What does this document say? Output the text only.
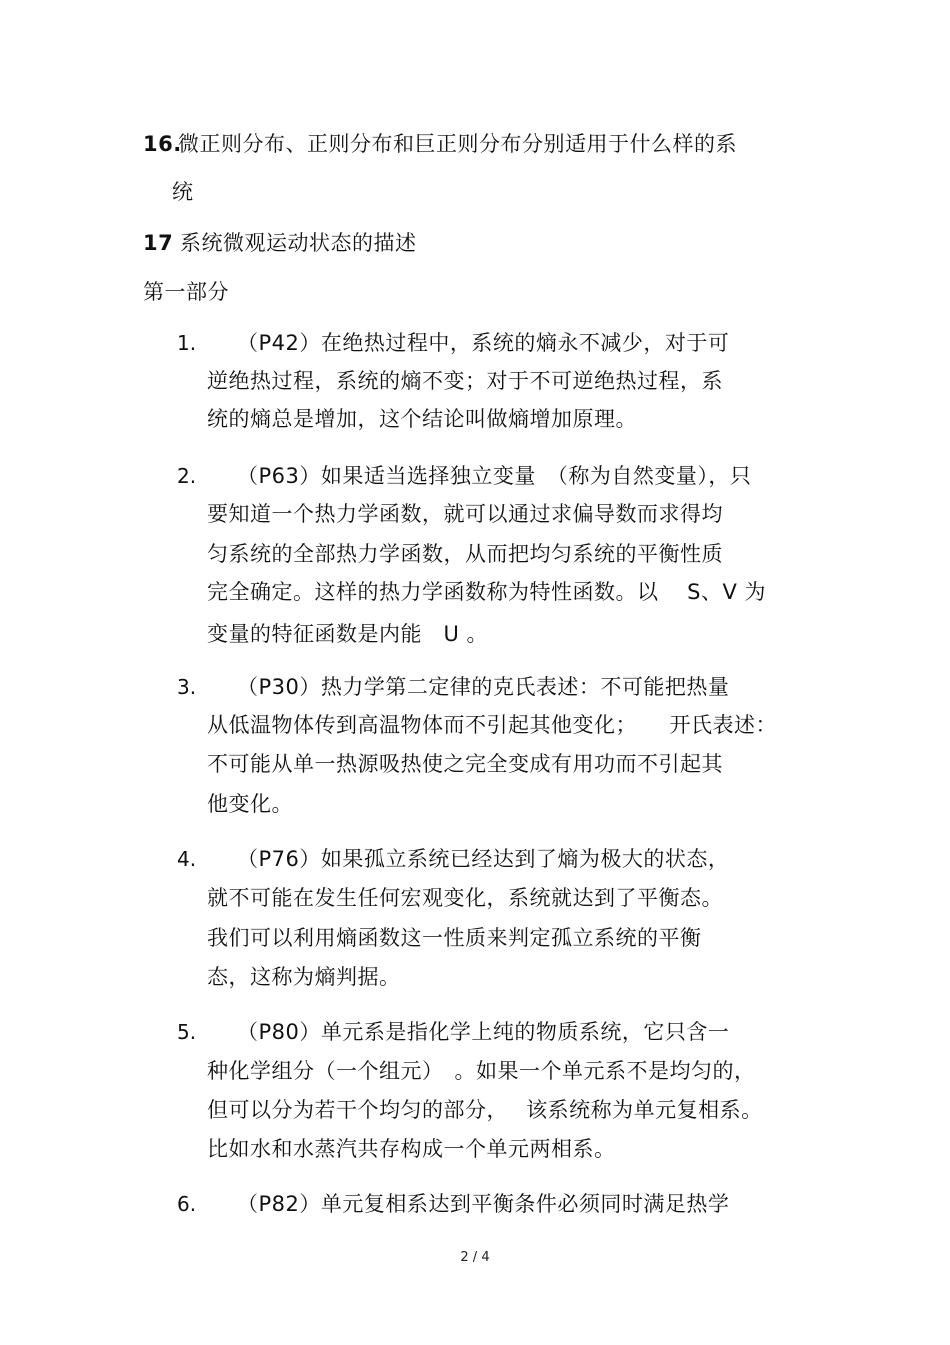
16.
微正则分布、正则分布和巨正则分布分别适用于什么样的系
统
17 系统微观运动状态的描述
第一部分
1. （P42）在绝热过程中，系统的熵永不减少，对于可
逆绝热过程，系统的熵不变；对于不可逆绝热过程，系
统的熵总是增加，这个结论叫做熵增加原理。
2. （P63）如果适当选择独立变量　（称为自然变量），只
要知道一个热力学函数，就可以通过求偏导数而求得均
匀系统的全部热力学函数，从而把均匀系统的平衡性质
完全确定。这样的热力学函数称为特性函数。以　 S、V 为
变量的特征函数是内能　U 。
3. （P30）热力学第二定律的克氏表述：不可能把热量
从低温物体传到高温物体而不引起其他变化；　　开氏表述：
不可能从单一热源吸热使之完全变成有用功而不引起其
他变化。
4. （P76）如果孤立系统已经达到了熵为极大的状态，
就不可能在发生任何宏观变化，系统就达到了平衡态。
我们可以利用熵函数这一性质来判定孤立系统的平衡
态，这称为熵判据。
5. （P80）单元系是指化学上纯的物质系统，它只含一
种化学组分（一个组元）　。如果一个单元系不是均匀的，
但可以分为若干个均匀的部分，　 该系统称为单元复相系。
比如水和水蒸汽共存构成一个单元两相系。
6. （P82）单元复相系达到平衡条件必须同时满足热学
2 / 4
